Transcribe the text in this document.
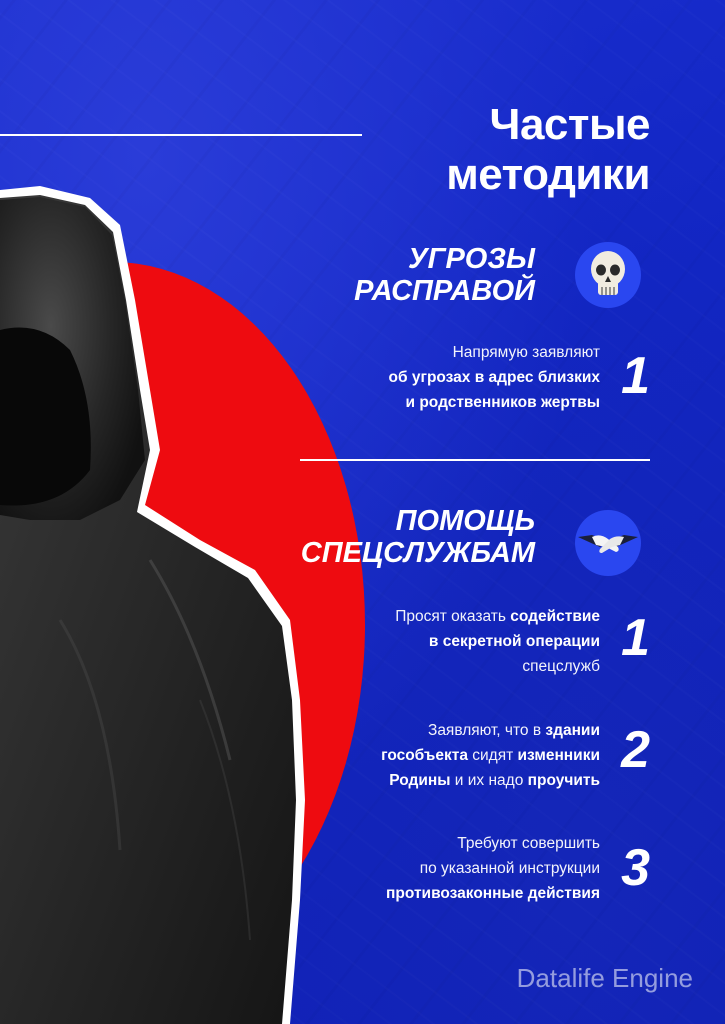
Частые
методики
УГРОЗЫ
РАСПРАВОЙ
Напрямую заявляют
об угрозах в адрес близких
и родственников жертвы 1
ПОМОЩЬ
СПЕЦСЛУЖБАМ
Просят оказать содействие
в секретной операции
спецслужб 1
Заявляют, что в здании
гособъекта сидят изменники
Родины и их надо проучить
2
Требуют совершить
по указанной инструкции
противозаконные действия 3
Datalife Engine
